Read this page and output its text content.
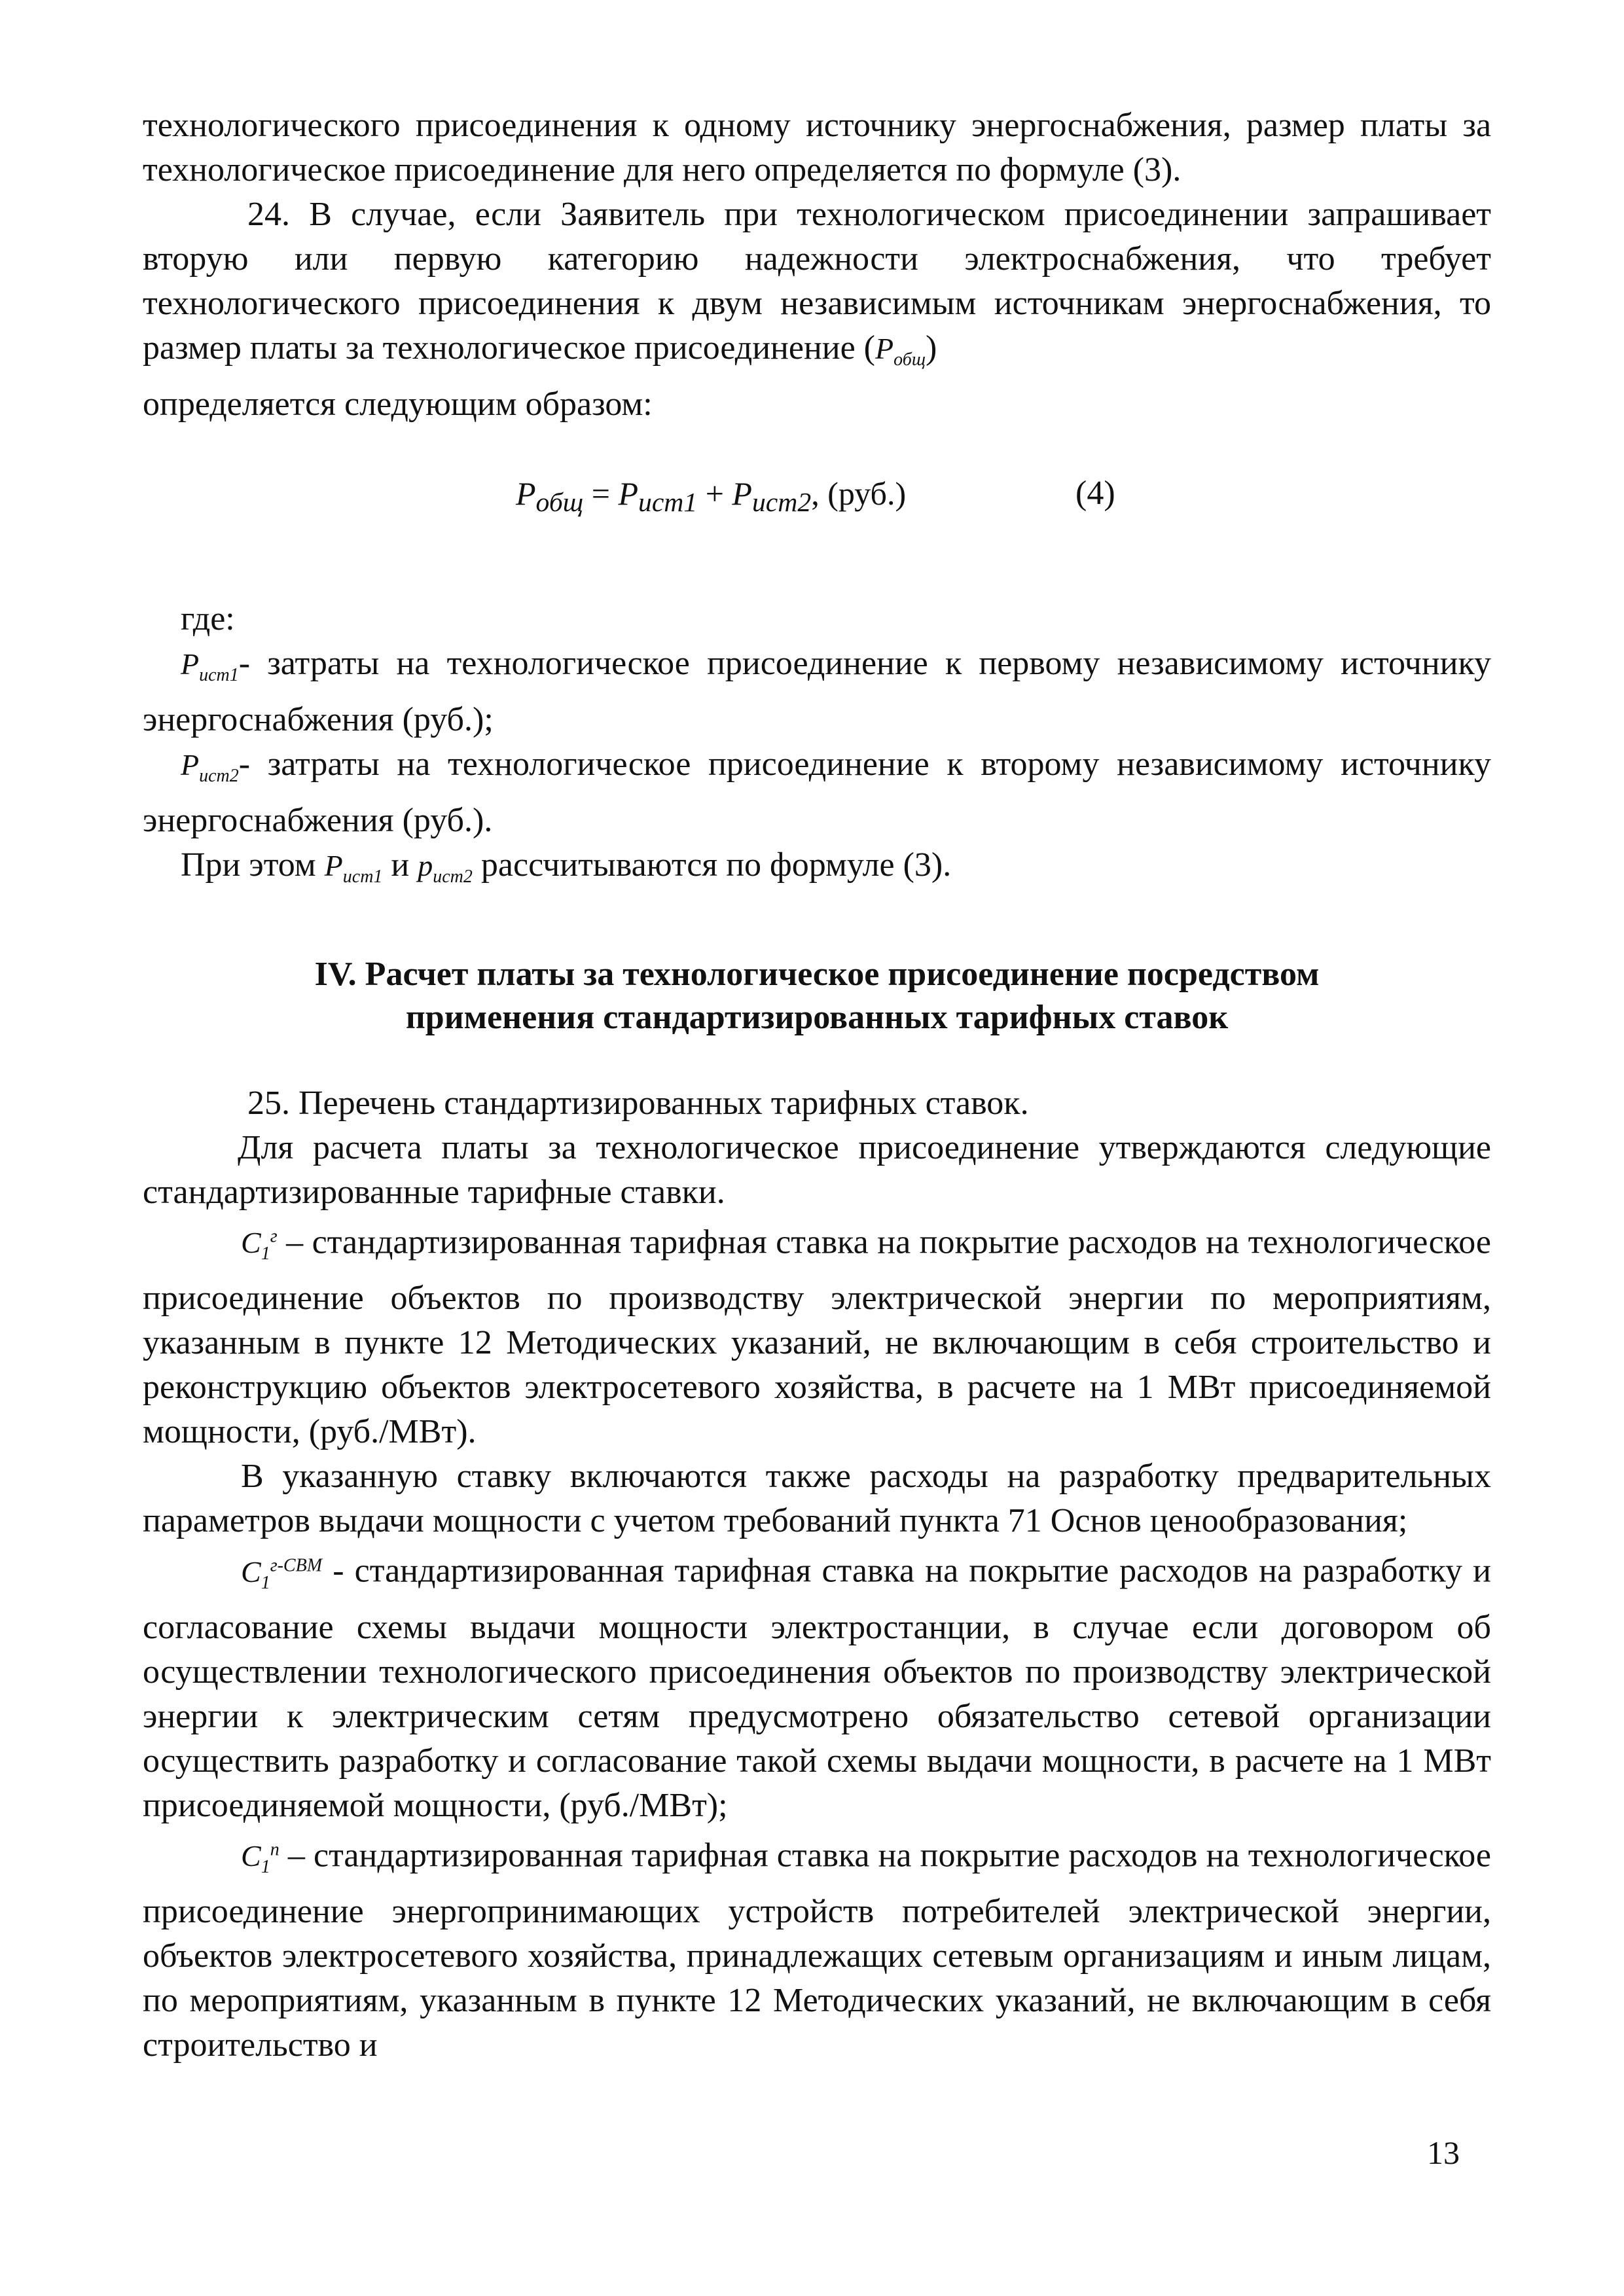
технологического присоединения к одному источнику энергоснабжения, размер платы за технологическое присоединение для него определяется по формуле (3).

24. В случае, если Заявитель при технологическом присоединении запрашивает вторую или первую категорию надежности электроснабжения, что требует технологического присоединения к двум независимым источникам энергоснабжения, то размер платы за технологическое присоединение $(P_{общ})$

определяется следующим образом:

$P_{общ} = P_{ист1} + P_{ист2}$, (руб.)	(4)

где:

$P_{ист1}-$ затраты на технологическое присоединение к первому независимому источнику энергоснабжения (руб.);

$P_{ист2}-$ затраты на технологическое присоединение к второму независимому источнику энергоснабжения (руб.).

При этом $P_{ист1}$ и $p_{ист2}$ рассчитываются по формуле (3).

IV. Расчет платы за технологическое присоединение посредством
применения стандартизированных тарифных ставок

25. Перечень стандартизированных тарифных ставок.

Для расчета платы за технологическое присоединение утверждаются следующие стандартизированные тарифные ставки.

$C_1^г$ – стандартизированная тарифная ставка на покрытие расходов на технологическое присоединение объектов по производству электрической энергии по мероприятиям, указанным в пункте 12 Методических указаний, не включающим в себя строительство и реконструкцию объектов электросетевого хозяйства, в расчете на 1 МВт присоединяемой мощности, (руб./МВт).

В указанную ставку включаются также расходы на разработку предварительных параметров выдачи мощности с учетом требований пункта 71 Основ ценообразования;

$C_1^{г-СВМ}$ - стандартизированная тарифная ставка на покрытие расходов на разработку и согласование схемы выдачи мощности электростанции, в случае если договором об осуществлении технологического присоединения объектов по производству электрической энергии к электрическим сетям предусмотрено обязательство сетевой организации осуществить разработку и согласование такой схемы выдачи мощности, в расчете на 1 МВт присоединяемой мощности, (руб./МВт);

$C_1^п$ – стандартизированная тарифная ставка на покрытие расходов на технологическое присоединение энергопринимающих устройств потребителей электрической энергии, объектов электросетевого хозяйства, принадлежащих сетевым организациям и иным лицам, по мероприятиям, указанным в пункте 12 Методических указаний, не включающим в себя строительство и

13
